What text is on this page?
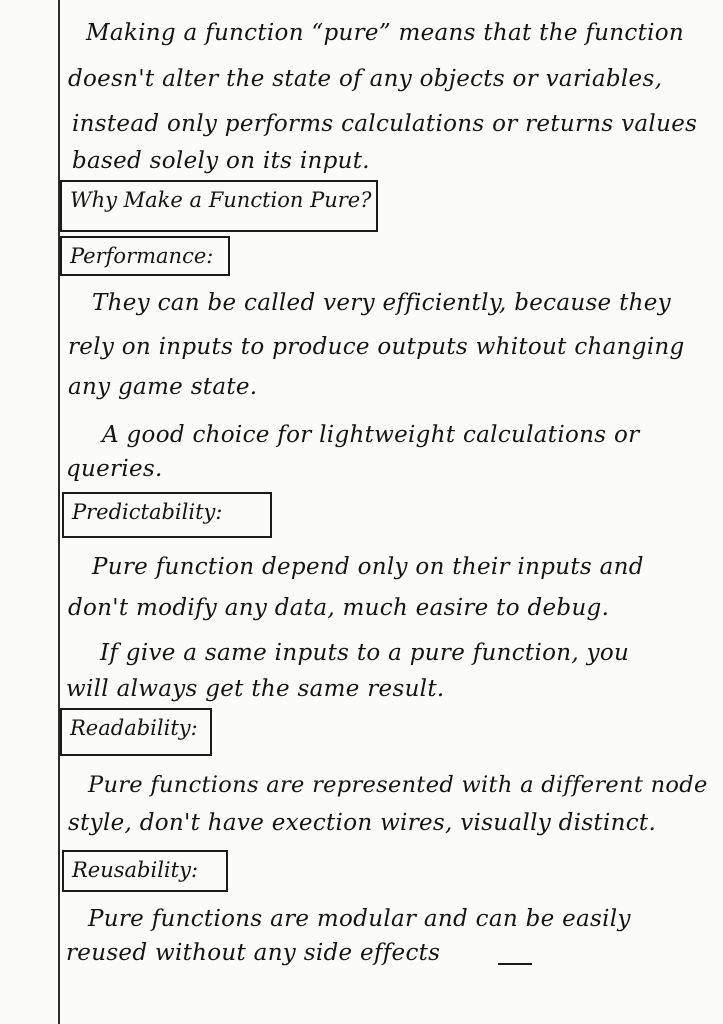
Making a function “pure” means that the function
doesn't alter the state of any objects or variables,
instead only performs calculations or returns values
based solely on its input.
Why Make a Function Pure?
Performance:
They can be called very efficiently, because they
rely on inputs to produce outputs whitout changing
any game state.
A good choice for lightweight calculations or
queries.
Predictability:
Pure function depend only on their inputs and
don't modify any data, much easire to debug.
If give a same inputs to a pure function, you
will always get the same result.
Readability:
Pure functions are represented with a different node
style, don't have exection wires, visually distinct.
Reusability:
Pure functions are modular and can be easily
reused without any side effects
